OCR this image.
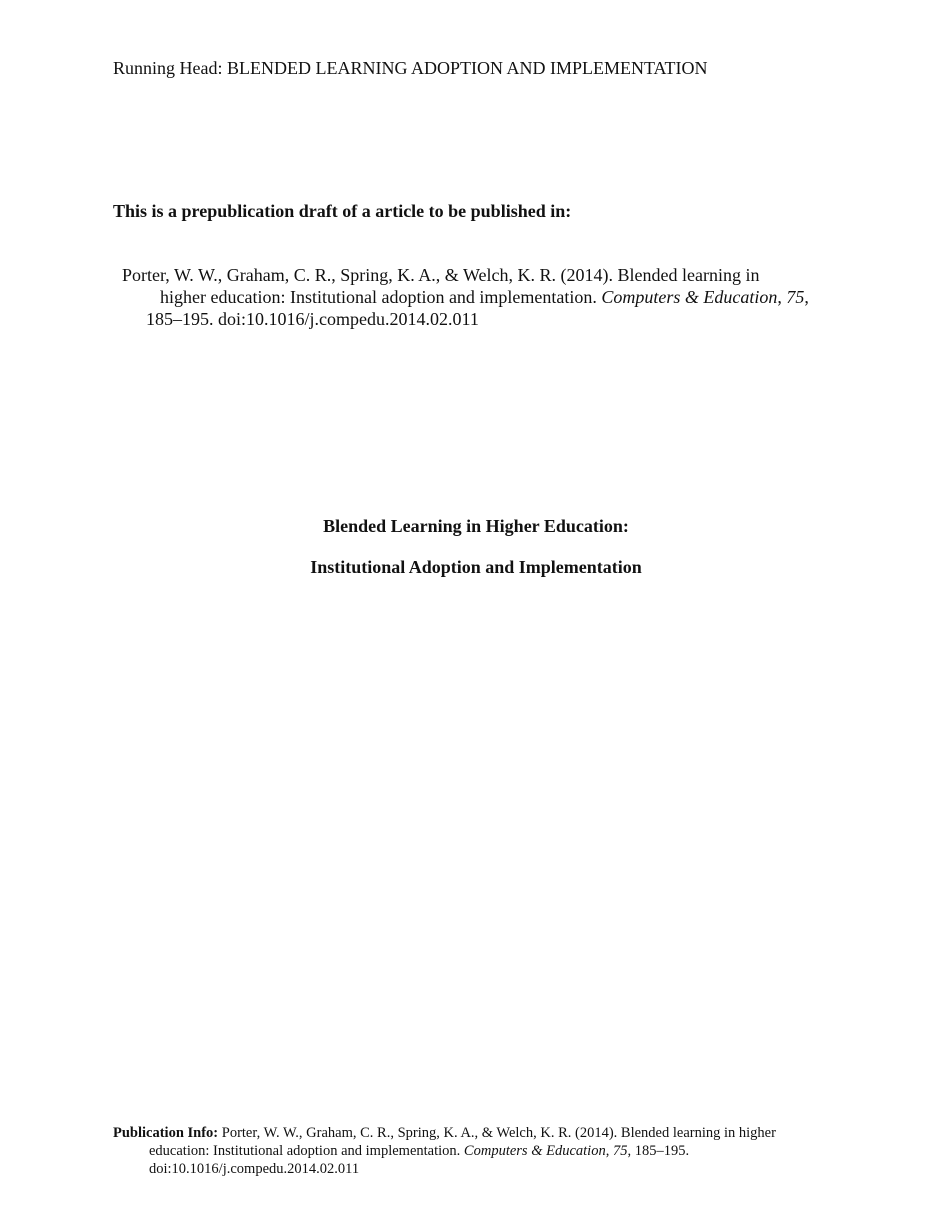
Running Head: BLENDED LEARNING ADOPTION AND IMPLEMENTATION
This is a prepublication draft of a article to be published in:
Porter, W. W., Graham, C. R., Spring, K. A., & Welch, K. R. (2014). Blended learning in
higher education: Institutional adoption and implementation. Computers & Education, 75,
185–195. doi:10.1016/j.compedu.2014.02.011
Blended Learning in Higher Education:
Institutional Adoption and Implementation
Publication Info: Porter, W. W., Graham, C. R., Spring, K. A., & Welch, K. R. (2014). Blended learning in higher
education: Institutional adoption and implementation. Computers & Education, 75, 185–195.
doi:10.1016/j.compedu.2014.02.011
